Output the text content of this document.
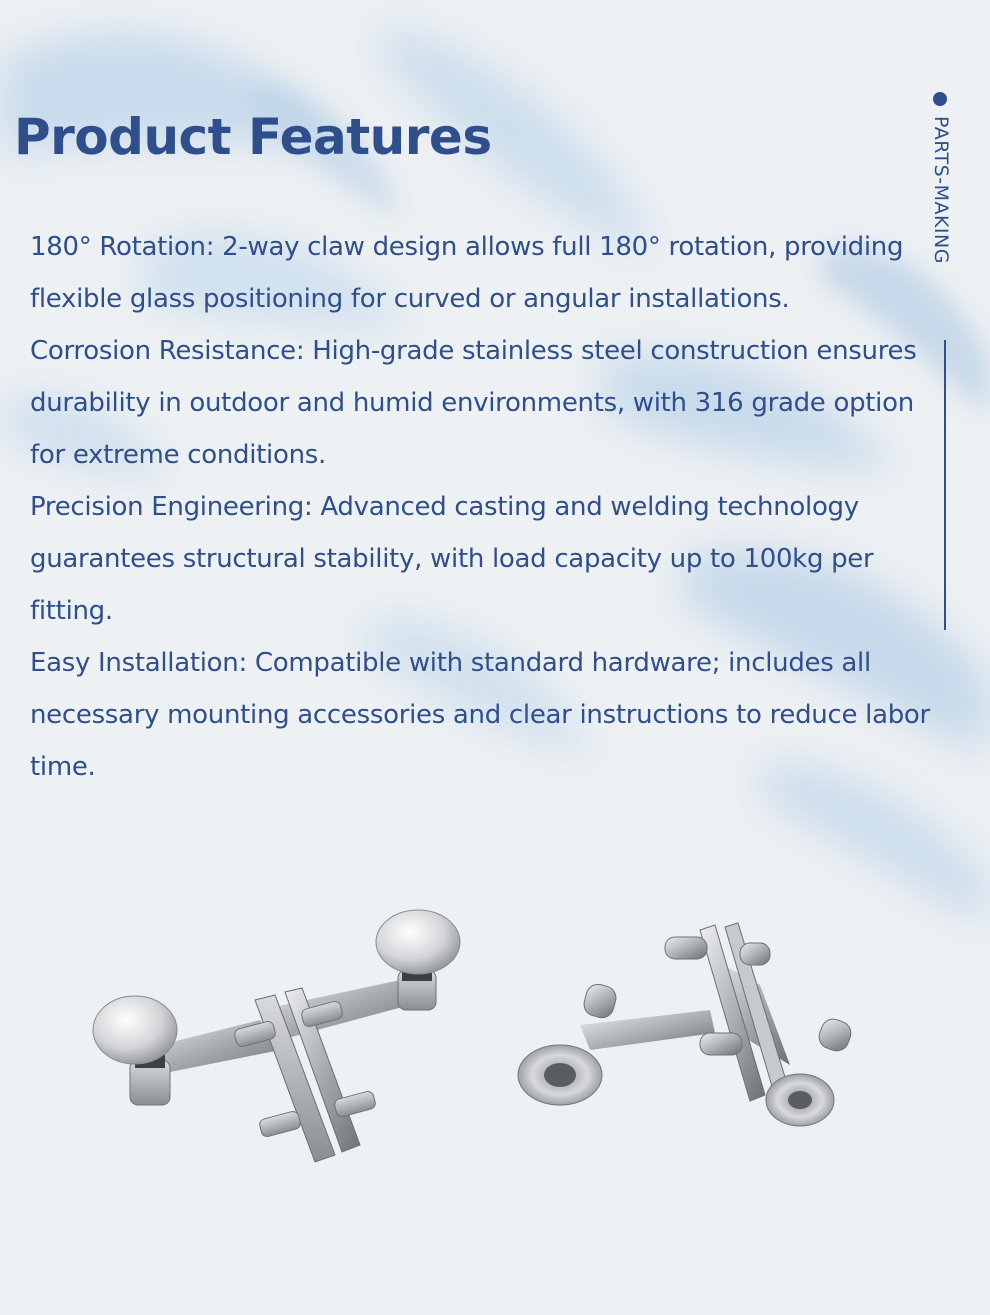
Product Features	PARTS-MAKING

180° Rotation: 2-way claw design allows full 180° rotation, providing flexible glass positioning for curved or angular installations.

Corrosion Resistance: High-grade stainless steel construction ensures durability in outdoor and humid environments, with 316 grade option for extreme conditions.

Precision Engineering: Advanced casting and welding technology guarantees structural stability, with load capacity up to 100kg per fitting.

Easy Installation: Compatible with standard hardware; includes all necessary mounting accessories and clear instructions to reduce labor time.
